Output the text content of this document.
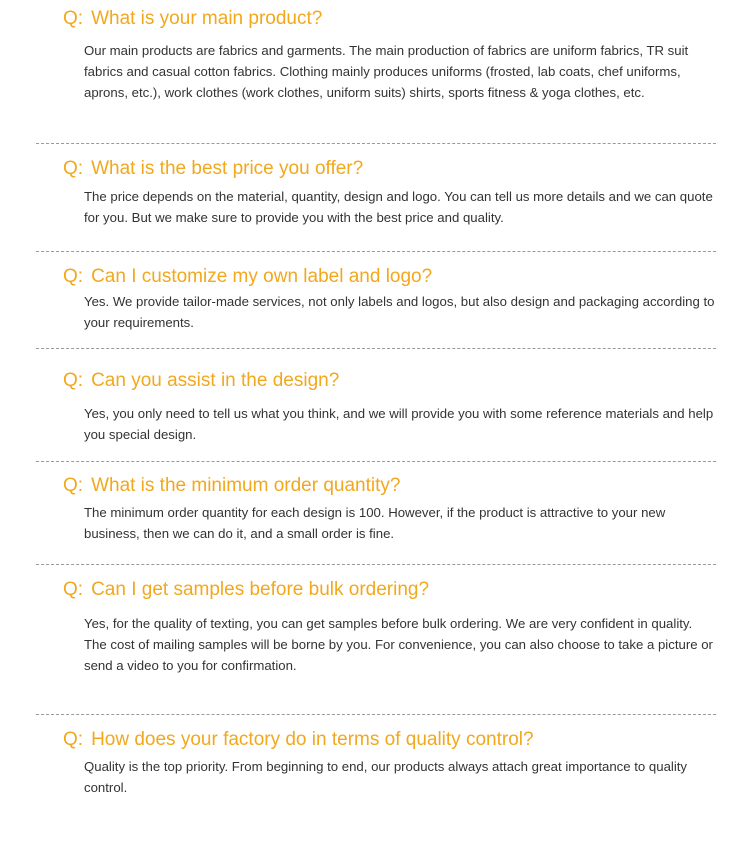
Q: What is your main product?

Our main products are fabrics and garments. The main production of fabrics are uniform fabrics, TR suit fabrics and casual cotton fabrics. Clothing mainly produces uniforms (frosted, lab coats, chef uniforms, aprons, etc.), work clothes (work clothes, uniform suits) shirts, sports fitness & yoga clothes, etc.

Q: What is the best price you offer?

The price depends on the material, quantity, design and logo. You can tell us more details and we can quote for you. But we make sure to provide you with the best price and quality.

Q: Can I customize my own label and logo?

Yes. We provide tailor-made services, not only labels and logos, but also design and packaging according to your requirements.

Q: Can you assist in the design?

Yes, you only need to tell us what you think, and we will provide you with some reference materials and help you special design.

Q: What is the minimum order quantity?

The minimum order quantity for each design is 100. However, if the product is attractive to your new business, then we can do it, and a small order is fine.

Q: Can I get samples before bulk ordering?

Yes, for the quality of texting, you can get samples before bulk ordering. We are very confident in quality.

The cost of mailing samples will be borne by you. For convenience, you can also choose to take a picture or send a video to you for confirmation.

Q: How does your factory do in terms of quality control?

Quality is the top priority. From beginning to end, our products always attach great importance to quality control.
